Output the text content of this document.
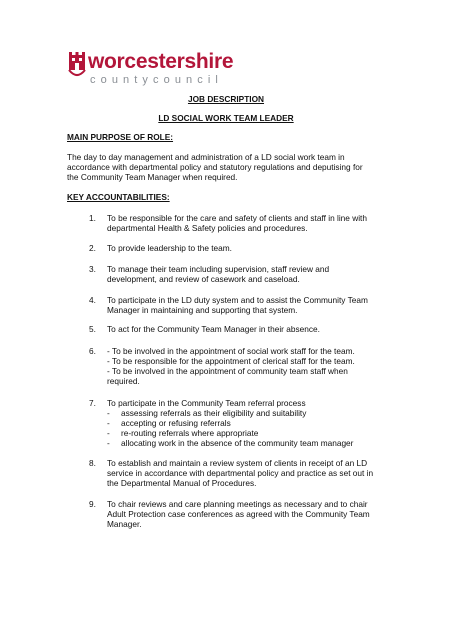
worcestershire
countycouncil
JOB DESCRIPTION
LD SOCIAL WORK TEAM LEADER
MAIN PURPOSE OF ROLE:
The day to day management and administration of a LD social work team in
accordance with departmental policy and statutory regulations and deputising for
the Community Team Manager when required.
KEY ACCOUNTABILITIES:
1. To be responsible for the care and safety of clients and staff in line with
departmental Health & Safety policies and procedures.
2. To provide leadership to the team.
3. To manage their team including supervision, staff review and
development, and review of casework and caseload.
4. To participate in the LD duty system and to assist the Community Team
Manager in maintaining and supporting that system.
5. To act for the Community Team Manager in their absence.
6. - To be involved in the appointment of social work staff for the team.
- To be responsible for the appointment of clerical staff for the team.
- To be involved in the appointment of community team staff when
required.
7. To participate in the Community Team referral process
- assessing referrals as their eligibility and suitability
- accepting or refusing referrals
- re-routing referrals where appropriate
- allocating work in the absence of the community team manager
8. To establish and maintain a review system of clients in receipt of an LD
service in accordance with departmental policy and practice as set out in
the Departmental Manual of Procedures.
9. To chair reviews and care planning meetings as necessary and to chair
Adult Protection case conferences as agreed with the Community Team
Manager.
